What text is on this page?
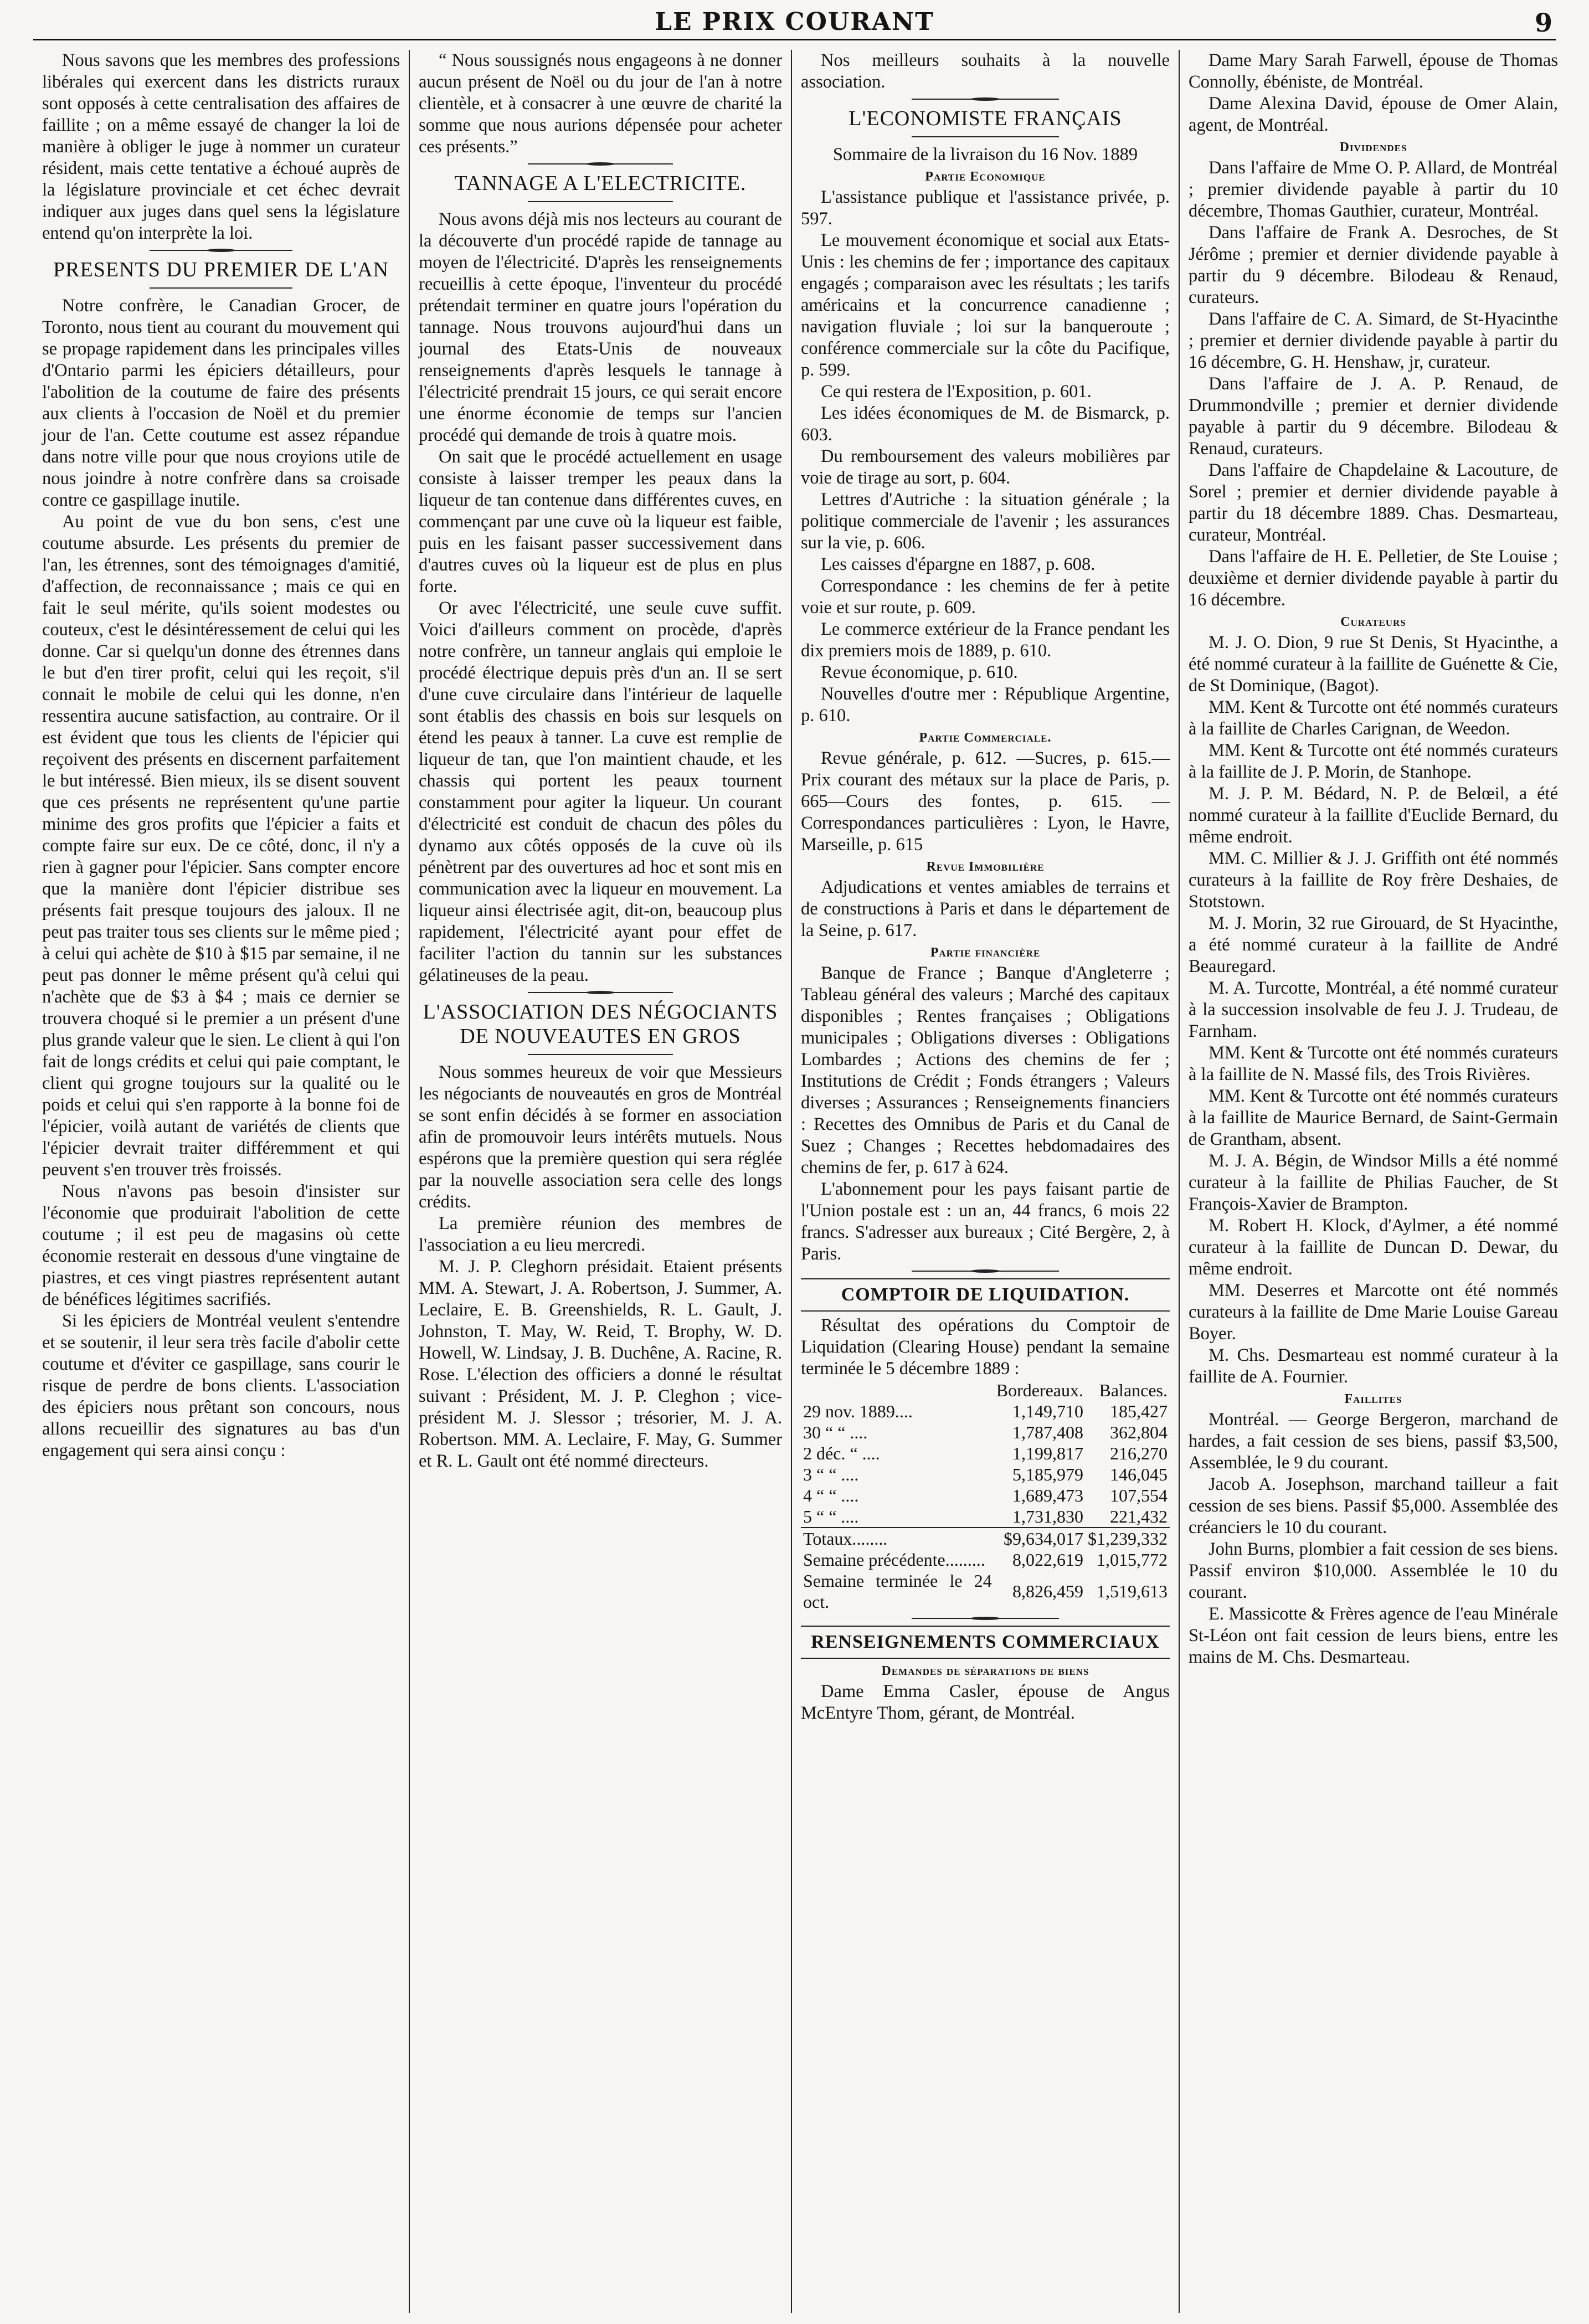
LE PRIX COURANT	9

Nous savons que les membres des professions libérales qui exercent dans les districts ruraux sont opposés à cette centralisation des affaires de faillite ; on a même essayé de changer la loi de manière à obliger le juge à nommer un curateur résident, mais cette tentative a échoué auprès de la législature provinciale et cet échec devrait indiquer aux juges dans quel sens la législature entend qu'on interprète la loi.

PRESENTS DU PREMIER DE L'AN

Notre confrère, le Canadian Grocer, de Toronto, nous tient au courant du mouvement qui se propage rapidement dans les principales villes d'Ontario parmi les épiciers détailleurs, pour l'abolition de la coutume de faire des présents aux clients à l'occasion de Noël et du premier jour de l'an. Cette coutume est assez répandue dans notre ville pour que nous croyions utile de nous joindre à notre confrère dans sa croisade contre ce gaspillage inutile.

Au point de vue du bon sens, c'est une coutume absurde. Les présents du premier de l'an, les étrennes, sont des témoignages d'amitié, d'affection, de reconnaissance ; mais ce qui en fait le seul mérite, qu'ils soient modestes ou couteux, c'est le désintéressement de celui qui les donne. Car si quelqu'un donne des étrennes dans le but d'en tirer profit, celui qui les reçoit, s'il connait le mobile de celui qui les donne, n'en ressentira aucune satisfaction, au contraire. Or il est évident que tous les clients de l'épicier qui reçoivent des présents en discernent parfaitement le but intéressé. Bien mieux, ils se disent souvent que ces présents ne représentent qu'une partie minime des gros profits que l'épicier a faits et compte faire sur eux. De ce côté, donc, il n'y a rien à gagner pour l'épicier. Sans compter encore que la manière dont l'épicier distribue ses présents fait presque toujours des jaloux. Il ne peut pas traiter tous ses clients sur le même pied ; à celui qui achète de $10 à $15 par semaine, il ne peut pas donner le même présent qu'à celui qui n'achète que de $3 à $4 ; mais ce dernier se trouvera choqué si le premier a un présent d'une plus grande valeur que le sien. Le client à qui l'on fait de longs crédits et celui qui paie comptant, le client qui grogne toujours sur la qualité ou le poids et celui qui s'en rapporte à la bonne foi de l'épicier, voilà autant de variétés de clients que l'épicier devrait traiter différemment et qui peuvent s'en trouver très froissés.

Nous n'avons pas besoin d'insister sur l'économie que produirait l'abolition de cette coutume ; il est peu de magasins où cette économie resterait en dessous d'une vingtaine de piastres, et ces vingt piastres représentent autant de bénéfices légitimes sacrifiés.

Si les épiciers de Montréal veulent s'entendre et se soutenir, il leur sera très facile d'abolir cette coutume et d'éviter ce gaspillage, sans courir le risque de perdre de bons clients. L'association des épiciers nous prêtant son concours, nous allons recueillir des signatures au bas d'un engagement qui sera ainsi conçu :

“ Nous soussignés nous engageons à ne donner aucun présent de Noël ou du jour de l'an à notre clientèle, et à consacrer à une œuvre de charité la somme que nous aurions dépensée pour acheter ces présents.”

TANNAGE A L'ELECTRICITE.

Nous avons déjà mis nos lecteurs au courant de la découverte d'un procédé rapide de tannage au moyen de l'électricité. D'après les renseignements recueillis à cette époque, l'inventeur du procédé prétendait terminer en quatre jours l'opération du tannage. Nous trouvons aujourd'hui dans un journal des Etats-Unis de nouveaux renseignements d'après lesquels le tannage à l'électricité prendrait 15 jours, ce qui serait encore une énorme économie de temps sur l'ancien procédé qui demande de trois à quatre mois.

On sait que le procédé actuellement en usage consiste à laisser tremper les peaux dans la liqueur de tan contenue dans différentes cuves, en commençant par une cuve où la liqueur est faible, puis en les faisant passer successivement dans d'autres cuves où la liqueur est de plus en plus forte.

Or avec l'électricité, une seule cuve suffit. Voici d'ailleurs comment on procède, d'après notre confrère, un tanneur anglais qui emploie le procédé électrique depuis près d'un an. Il se sert d'une cuve circulaire dans l'intérieur de laquelle sont établis des chassis en bois sur lesquels on étend les peaux à tanner. La cuve est remplie de liqueur de tan, que l'on maintient chaude, et les chassis qui portent les peaux tournent constamment pour agiter la liqueur. Un courant d'électricité est conduit de chacun des pôles du dynamo aux côtés opposés de la cuve où ils pénètrent par des ouvertures ad hoc et sont mis en communication avec la liqueur en mouvement. La liqueur ainsi électrisée agit, dit-on, beaucoup plus rapidement, l'électricité ayant pour effet de faciliter l'action du tannin sur les substances gélatineuses de la peau.

L'ASSOCIATION DES NÉGOCIANTS DE NOUVEAUTES EN GROS

Nous sommes heureux de voir que Messieurs les négociants de nouveautés en gros de Montréal se sont enfin décidés à se former en association afin de promouvoir leurs intérêts mutuels. Nous espérons que la première question qui sera réglée par la nouvelle association sera celle des longs crédits.

La première réunion des membres de l'association a eu lieu mercredi.

M. J. P. Cleghorn présidait. Etaient présents MM. A. Stewart, J. A. Robertson, J. Summer, A. Leclaire, E. B. Greenshields, R. L. Gault, J. Johnston, T. May, W. Reid, T. Brophy, W. D. Howell, W. Lindsay, J. B. Duchêne, A. Racine, R. Rose. L'élection des officiers a donné le résultat suivant : Président, M. J. P. Cleghon ; vice-président M. J. Slessor ; trésorier, M. J. A. Robertson. MM. A. Leclaire, F. May, G. Summer et R. L. Gault ont été nommé directeurs.

Nos meilleurs souhaits à la nouvelle association.

L'ECONOMISTE FRANÇAIS

Sommaire de la livraison du 16 Nov. 1889

Partie Economique

L'assistance publique et l'assistance privée, p. 597.

Le mouvement économique et social aux Etats-Unis : les chemins de fer ; importance des capitaux engagés ; comparaison avec les résultats ; les tarifs américains et la concurrence canadienne ; navigation fluviale ; loi sur la banqueroute ; conférence commerciale sur la côte du Pacifique, p. 599.

Ce qui restera de l'Exposition, p. 601.

Les idées économiques de M. de Bismarck, p. 603.

Du remboursement des valeurs mobilières par voie de tirage au sort, p. 604.

Lettres d'Autriche : la situation générale ; la politique commerciale de l'avenir ; les assurances sur la vie, p. 606.

Les caisses d'épargne en 1887, p. 608.

Correspondance : les chemins de fer à petite voie et sur route, p. 609.

Le commerce extérieur de la France pendant les dix premiers mois de 1889, p. 610.

Revue économique, p. 610.

Nouvelles d'outre mer : République Argentine, p. 610.

Partie Commerciale.

Revue générale, p. 612. —Sucres, p. 615.— Prix courant des métaux sur la place de Paris, p. 665—Cours des fontes, p. 615. —Correspondances particulières : Lyon, le Havre, Marseille, p. 615

Revue Immobilière

Adjudications et ventes amiables de terrains et de constructions à Paris et dans le département de la Seine, p. 617.

Partie financière

Banque de France ; Banque d'Angleterre ; Tableau général des valeurs ; Marché des capitaux disponibles ; Rentes françaises ; Obligations municipales ; Obligations diverses : Obligations Lombardes ; Actions des chemins de fer ; Institutions de Crédit ; Fonds étrangers ; Valeurs diverses ; Assurances ; Renseignements financiers : Recettes des Omnibus de Paris et du Canal de Suez ; Changes ; Recettes hebdomadaires des chemins de fer, p. 617 à 624.

L'abonnement pour les pays faisant partie de l'Union postale est : un an, 44 francs, 6 mois 22 francs. S'adresser aux bureaux ; Cité Bergère, 2, à Paris.

COMPTOIR DE LIQUIDATION.

Résultat des opérations du Comptoir de Liquidation (Clearing House) pendant la semaine terminée le 5 décembre 1889 :

	Bordereaux.	Balances.
29 nov. 1889....	1,149,710	185,427
30 “ “ ....	1,787,408	362,804
2 déc. “ ....	1,199,817	216,270
3 “ “ ....	5,185,979	146,045
4 “ “ ....	1,689,473	107,554
5 “ “ ....	1,731,830	221,432
Totaux........	$9,634,017	$1,239,332
Semaine précédente.........	8,022,619	1,015,772
Semaine terminée le 24 oct.	8,826,459	1,519,613
RENSEIGNEMENTS COMMERCIAUX
Demandes de séparations de biens

Dame Emma Casler, épouse de Angus McEntyre Thom, gérant, de Montréal.

Dame Mary Sarah Farwell, épouse de Thomas Connolly, ébéniste, de Montréal.

Dame Alexina David, épouse de Omer Alain, agent, de Montréal.

Dividendes

Dans l'affaire de Mme O. P. Allard, de Montréal ; premier dividende payable à partir du 10 décembre, Thomas Gauthier, curateur, Montréal.

Dans l'affaire de Frank A. Desroches, de St Jérôme ; premier et dernier dividende payable à partir du 9 décembre. Bilodeau & Renaud, curateurs.

Dans l'affaire de C. A. Simard, de St-Hyacinthe ; premier et dernier dividende payable à partir du 16 décembre, G. H. Henshaw, jr, curateur.

Dans l'affaire de J. A. P. Renaud, de Drummondville ; premier et dernier dividende payable à partir du 9 décembre. Bilodeau & Renaud, curateurs.

Dans l'affaire de Chapdelaine & Lacouture, de Sorel ; premier et dernier dividende payable à partir du 18 décembre 1889. Chas. Desmarteau, curateur, Montréal.

Dans l'affaire de H. E. Pelletier, de Ste Louise ; deuxième et dernier dividende payable à partir du 16 décembre.

Curateurs

M. J. O. Dion, 9 rue St Denis, St Hyacinthe, a été nommé curateur à la faillite de Guénette & Cie, de St Dominique, (Bagot).

MM. Kent & Turcotte ont été nommés curateurs à la faillite de Charles Carignan, de Weedon.

MM. Kent & Turcotte ont été nommés curateurs à la faillite de J. P. Morin, de Stanhope.

M. J. P. M. Bédard, N. P. de Belœil, a été nommé curateur à la faillite d'Euclide Bernard, du même endroit.

MM. C. Millier & J. J. Griffith ont été nommés curateurs à la faillite de Roy frère Deshaies, de Stotstown.

M. J. Morin, 32 rue Girouard, de St Hyacinthe, a été nommé curateur à la faillite de André Beauregard.

M. A. Turcotte, Montréal, a été nommé curateur à la succession insolvable de feu J. J. Trudeau, de Farnham.

MM. Kent & Turcotte ont été nommés curateurs à la faillite de N. Massé fils, des Trois Rivières.

MM. Kent & Turcotte ont été nommés curateurs à la faillite de Maurice Bernard, de Saint-Germain de Grantham, absent.

M. J. A. Bégin, de Windsor Mills a été nommé curateur à la faillite de Philias Faucher, de St François-Xavier de Brampton.

M. Robert H. Klock, d'Aylmer, a été nommé curateur à la faillite de Duncan D. Dewar, du même endroit.

MM. Deserres et Marcotte ont été nommés curateurs à la faillite de Dme Marie Louise Gareau Boyer.

M. Chs. Desmarteau est nommé curateur à la faillite de A. Fournier.

Faillites

Montréal. — George Bergeron, marchand de hardes, a fait cession de ses biens, passif $3,500, Assemblée, le 9 du courant.

Jacob A. Josephson, marchand tailleur a fait cession de ses biens. Passif $5,000. Assemblée des créanciers le 10 du courant.

John Burns, plombier a fait cession de ses biens. Passif environ $10,000. Assemblée le 10 du courant.

E. Massicotte & Frères agence de l'eau Minérale St-Léon ont fait cession de leurs biens, entre les mains de M. Chs. Desmarteau.
